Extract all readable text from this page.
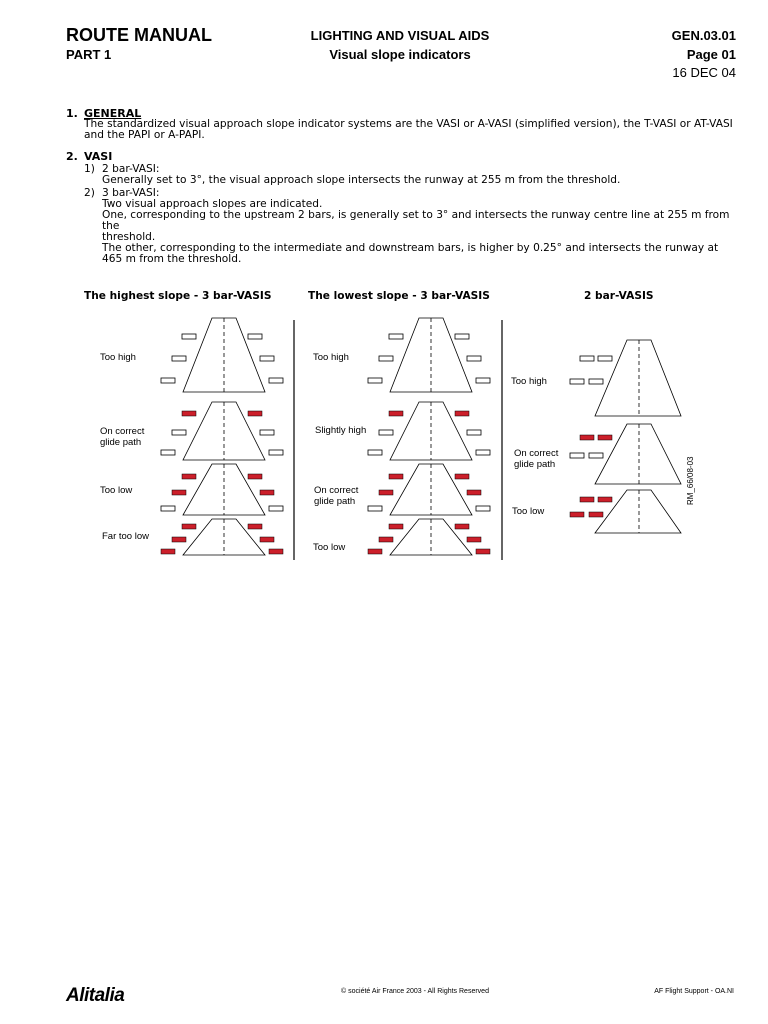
ROUTE MANUAL
PART 1
LIGHTING AND VISUAL AIDS
Visual slope indicators
GEN.03.01
Page 01
16 DEC 04
1. GENERAL
The standardized visual approach slope indicator systems are the VASI or A-VASI (simplified version), the T-VASI or AT-VASI
and the PAPI or A-PAPI.
2. VASI
1) 2 bar-VASI:
Generally set to 3°, the visual approach slope intersects the runway at 255 m from the threshold.
2) 3 bar-VASI:
Two visual approach slopes are indicated.
One, corresponding to the upstream 2 bars, is generally set to 3° and intersects the runway centre line at 255 m from the
threshold.
The other, corresponding to the intermediate and downstream bars, is higher by 0.25° and intersects the runway at
465 m from the threshold.
The highest slope - 3 bar-VASIS	The lowest slope - 3 bar-VASIS	2 bar-VASIS
Too high
On correct
glide path
Too low
Far too low
Too high
Slightly high
On correct
glide path
Too low
Too high
On correct
glide path
Too low
RM_66/08-03
Alitalia	© société Air France 2003 - All Rights Reserved	AF Flight Support - OA.NI
